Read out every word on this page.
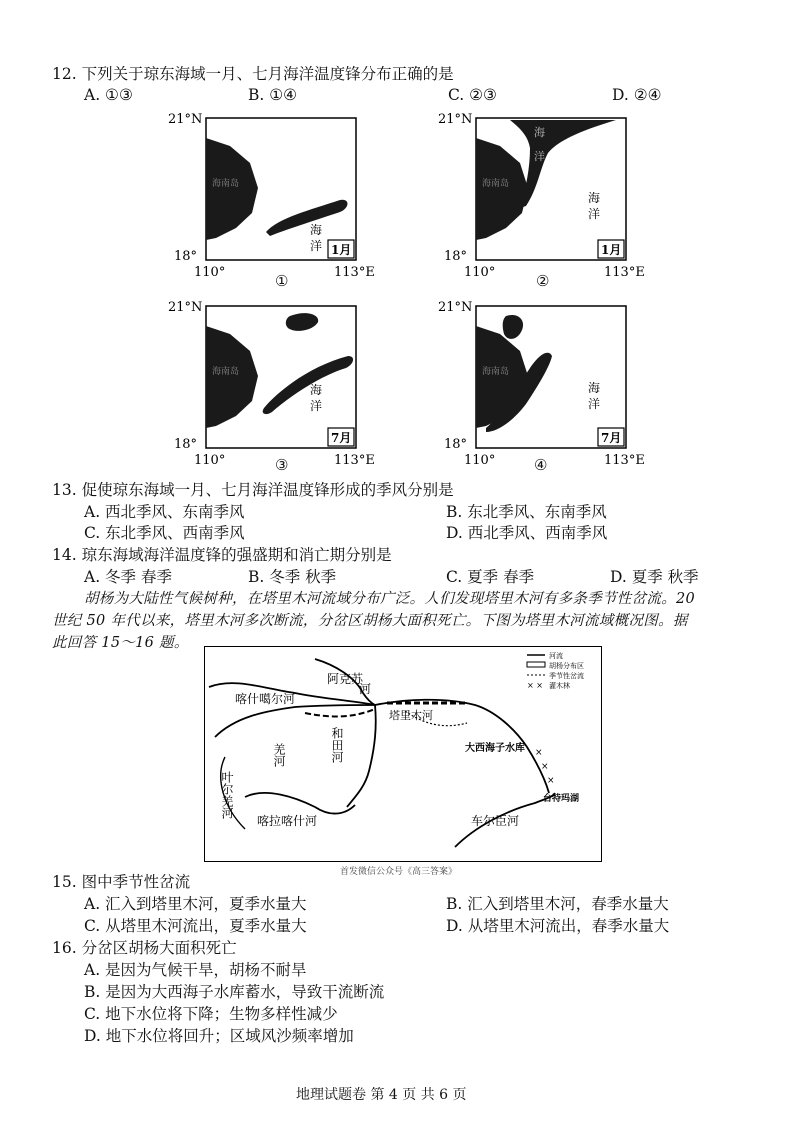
12. 下列关于琼东海域一月、七月海洋温度锋分布正确的是
A. ①③	B. ①④	C. ②③	D. ②④
21°N
海南岛
海
洋 1月
18°
110°	113°E
①
21°N
海南岛
海
洋
海
洋
1月
18°
110°	113°E
②
21°N
海南岛
海
洋
7月
18°
110°	113°E
③
21°N
海南岛
海
洋
7月
18°
110°	113°E
④
13. 促使琼东海域一月、七月海洋温度锋形成的季风分别是
A. 西北季风、东南季风	B. 东北季风、东南季风
C. 东北季风、西南季风	D. 西北季风、西南季风
14. 琼东海域海洋温度锋的强盛期和消亡期分别是
A. 冬季 春季	B. 冬季 秋季	C. 夏季 春季	D. 夏季 秋季
胡杨为大陆性气候树种，在塔里木河流域分布广泛。人们发现塔里木河有多条季节性岔流。20
世纪 50 年代以来，塔里木河多次断流，分岔区胡杨大面积死亡。下图为塔里木河流域概况图。据
此回答 15～16 题。
×
×
×
阿克苏
河
喀什噶尔河
塔里木河
和田河
羌河
叶尔羌河
喀拉喀什河
大西海子水库
台特玛湖
车尔臣河
河流
胡杨分布区
季节性岔流
× × 灌木林
首发微信公众号《高三答案》
15. 图中季节性岔流
A. 汇入到塔里木河，夏季水量大	B. 汇入到塔里木河，春季水量大
C. 从塔里木河流出，夏季水量大	D. 从塔里木河流出，春季水量大
16. 分岔区胡杨大面积死亡
A. 是因为气候干旱，胡杨不耐旱
B. 是因为大西海子水库蓄水，导致干流断流
C. 地下水位将下降；生物多样性减少
D. 地下水位将回升；区域风沙频率增加
地理试题卷 第 4 页 共 6 页
